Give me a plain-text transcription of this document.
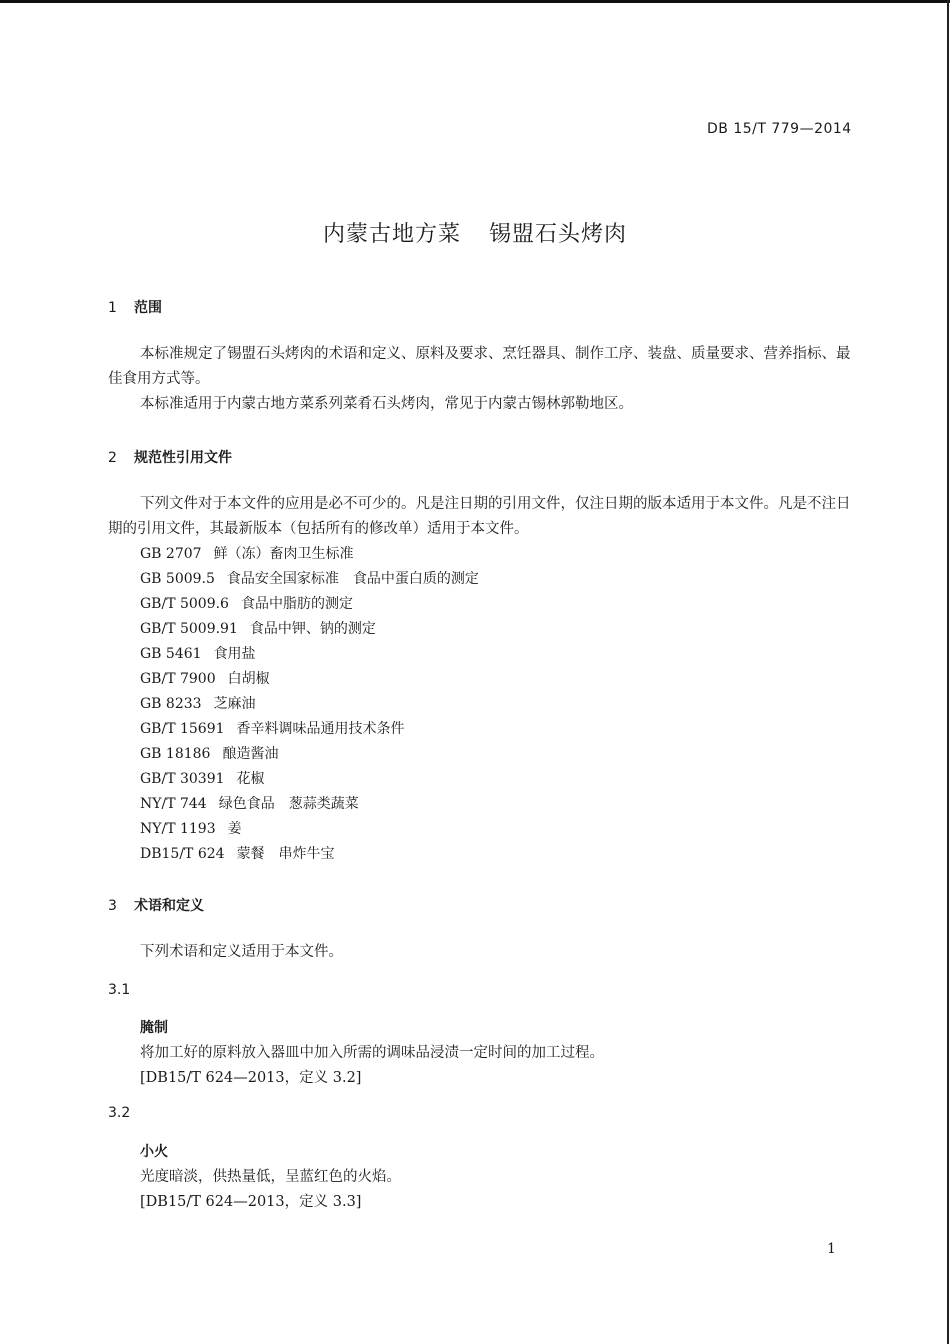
DB 15/T 779—2014
内蒙古地方菜 锡盟石头烤肉
1 范围

本标准规定了锡盟石头烤肉的术语和定义、原料及要求、烹饪器具、制作工序、装盘、质量要求、营养指标、最佳食用方式等。

本标准适用于内蒙古地方菜系列菜肴石头烤肉，常见于内蒙古锡林郭勒地区。

2 规范性引用文件

下列文件对于本文件的应用是必不可少的。凡是注日期的引用文件，仅注日期的版本适用于本文件。凡是不注日期的引用文件，其最新版本（包括所有的修改单）适用于本文件。

GB 2707 鲜（冻）畜肉卫生标准
GB 5009.5 食品安全国家标准　食品中蛋白质的测定
GB/T 5009.6 食品中脂肪的测定
GB/T 5009.91 食品中钾、钠的测定
GB 5461 食用盐
GB/T 7900 白胡椒
GB 8233 芝麻油
GB/T 15691 香辛料调味品通用技术条件
GB 18186 酿造酱油
GB/T 30391 花椒
NY/T 744 绿色食品　葱蒜类蔬菜
NY/T 1193 姜
DB15/T 624 蒙餐　串炸牛宝
3 术语和定义

下列术语和定义适用于本文件。

3.1
腌制
将加工好的原料放入器皿中加入所需的调味品浸渍一定时间的加工过程。
[DB15/T 624—2013，定义 3.2]
3.2
小火
光度暗淡，供热量低，呈蓝红色的火焰。
[DB15/T 624—2013，定义 3.3]
1
